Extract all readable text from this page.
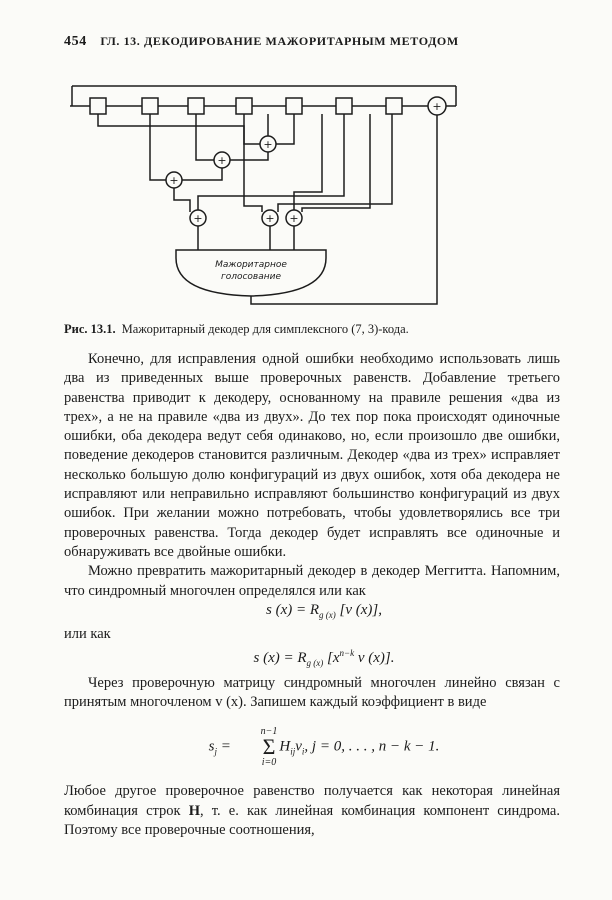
454 ГЛ. 13. ДЕКОДИРОВАНИЕ МАЖОРИТАРНЫМ МЕТОДОМ
+
+
+
+
+	+ +
Мажоритарное
голосование
Рис. 13.1. Мажоритарный декодер для симплексного (7, 3)-кода.

Конечно, для исправления одной ошибки необходимо использовать лишь два из приведенных выше проверочных равенств. Добавление третьего равенства приводит к декодеру, основанному на правиле решения «два из трех», а не на правиле «два из двух». До тех пор пока происходят одиночные ошибки, оба декодера ведут себя одинаково, но, если произошло две ошибки, поведение декодеров становится различным. Декодер «два из трех» исправляет несколько большую долю конфигураций из двух ошибок, хотя оба декодера не исправляют или неправильно исправляют большинство конфигураций из двух ошибок. При желании можно потребовать, чтобы удовлетворялись все три проверочных равенства. Тогда декодер будет исправлять все одиночные и обнаруживать все двойные ошибки.

Можно превратить мажоритарный декодер в декодер Меггитта. Напомним, что синдромный многочлен определялся или как

s $(x) = R_{g (x)}$ [v (x)],

или как

s $(x) = R_{g (x)}$ [$x^{n-k}$ v (x)].

Через проверочную матрицу синдромный многочлен линейно связан с принятым многочленом v (x). Запишем каждый коэффициент в виде

$s_j$ =
n−1
Σ
i=0
$H_{ij}v_i$, j = 0, . . . , n − k − 1.

Любое другое проверочное равенство получается как некоторая линейная комбинация строк H, т. е. как линейная комбинация компонент синдрома. Поэтому все проверочные соотношения,
